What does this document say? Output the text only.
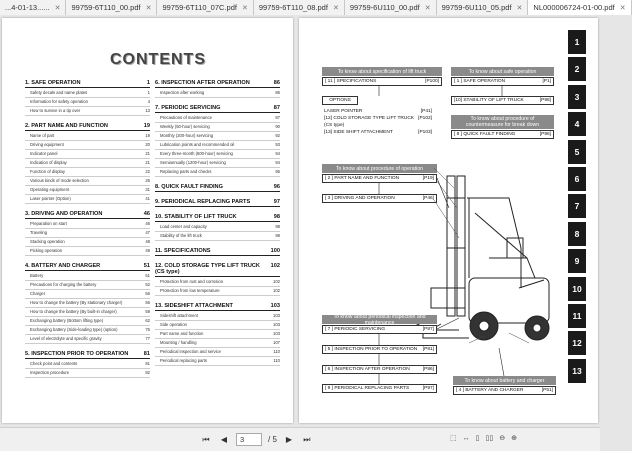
...4-01-13...... ✕ 99759-6T110_00.pdf ✕ 99759-6T110_07C.pdf ✕ 99759-6T110_08.pdf ✕ 99759-6U110_00.pdf ✕ 99759-6U110_05.pdf ✕ NL000006724-01-00.pdf ✕
CONTENTS
1. SAFE OPERATION	1
Safety decals and name plates	1
Information for safety operation	4
How to survive in a tip over	13
2. PART NAME AND FUNCTION	19
Name of part	19
Driving equipment	20
Indicator panel	21
Indication of display	21
Function of display	22
Various kinds of mode selection	26
Operating equipment	31
Laser pointer (Option)	41
3. DRIVING AND OPERATION	46
Preparation on start	46
Traveling	47
Stacking operation	48
Picking operation	49
4. BATTERY AND CHARGER	51
Battery	51
Precautions for charging the battery	52
Charger	56
How to change the battery (By stationary charger)	56
How to change the battery (By built-in charger)	59
Exchanging battery (Bottom lifting type)	62
Exchanging battery (Side-loading type) (option)	76
Level of electrolyte and specific gravity	77
5. INSPECTION PRIOR TO OPERATION	81
Check point and contents	81
Inspection procedure	82
6. INSPECTION AFTER OPERATION	86
Inspection after working	86
7. PERIODIC SERVICING	87
Precautions of maintenance	87
Weekly (50-hour) servicing	90
Monthly (200-hour) servicing	92
Lubrication points and recommended oil	93
Every three-month (600-hour) servicing	94
Semiannually (1200-hour) servicing	94
Replacing parts and checks	95
8. QUICK FAULT FINDING	96
9. PERIODICAL REPLACING PARTS	97
10. STABILITY OF LIFT TRUCK	98
Load center and capacity	98
Stability of the lift truck	98
11. SPECIFICATIONS	100
12. COLD STORAGE TYPE LIFT TRUCK (CS type)
102
Protection from rust and corrosion	102
Protection from low temperature	102
13. SIDESHIFT ATTACHMENT	103
Sideshift attachment	103
Side operation	103
Part name and function	103
Mounting / handling	107
Periodical inspection and service	110
Periodical replacing parts	110
To know about specification of lift truck
[ 11 ] SPECIFICATIONS	[P100]
OPTIONS
LASER POINTER	[P41]
[12] COLD STORAGE TYPE LIFT TRUCK (CS type)
[P102]
[13] SIDE SHIFT ATTACHMENT	[P103]
To know about safe operation
[ 1 ] SAFE OPERATION	[P1]
[10] STABILITY OF LIFT TRUCK	[P98]
To know about procedure of countermeasure for break down
[ 8 ] QUICK FAULT FINDING	[P96]
To know about procedure of operation
[ 2 ] PART NAME AND FUNCTION	[P19]
[ 3 ] DRIVING AND OPERATION	[P46]
To know about periodical inspection and maintenance
[ 7 ] PERIODIC SERVICING	[P87]
[ 5 ] INSPECTION PRIOR TO OPERATION [P81]
[ 6 ] INSPECTION AFTER OPERATION	[P86]
[ 9 ] PERIODICAL REPLACING PARTS	[P97]
To know about battery and charger
[ 4 ] BATTERY AND CHARGER	[P51]
1
2
3
4
5
6
7
8
9
10
11
12
13
⏮	◀	3	/ 5	▶	⏭	⬚ ↔ ▯ ▯▯ ⊖ ⊕
